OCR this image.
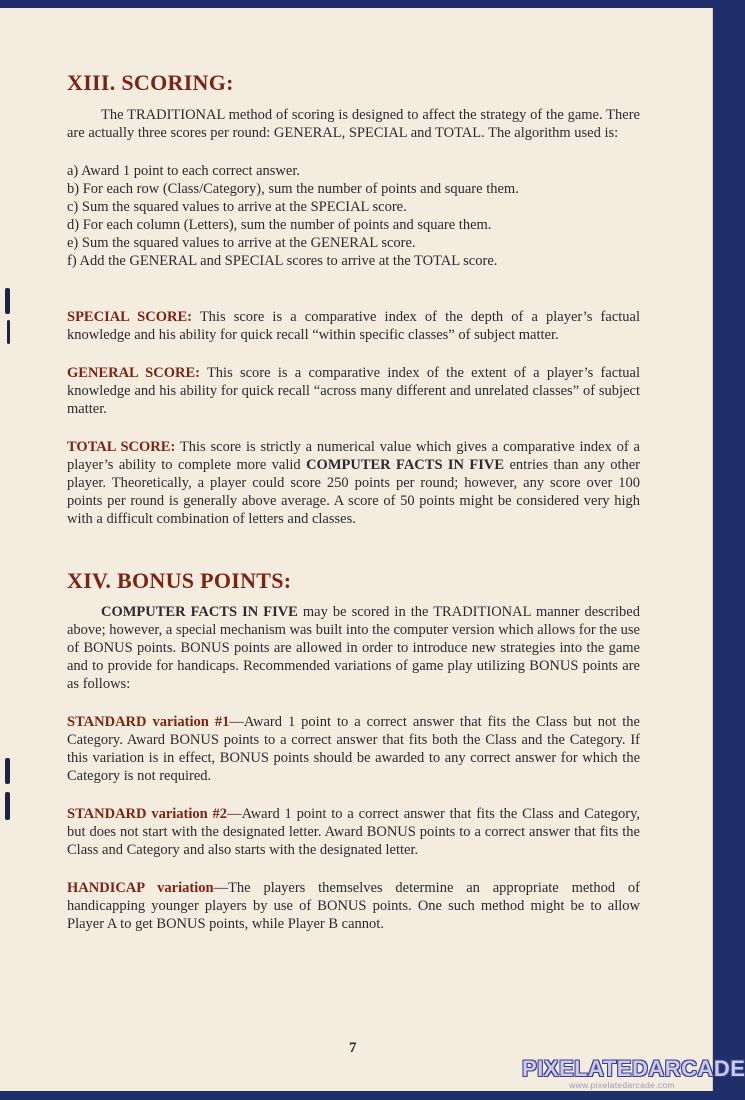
XIII. SCORING:

The TRADITIONAL method of scoring is designed to affect the strategy of the game. There are actually three scores per round: GENERAL, SPECIAL and TOTAL. The algorithm used is:

a) Award 1 point to each correct answer.
b) For each row (Class/Category), sum the number of points and square them.
c) Sum the squared values to arrive at the SPECIAL score.
d) For each column (Letters), sum the number of points and square them.
e) Sum the squared values to arrive at the GENERAL score.
f) Add the GENERAL and SPECIAL scores to arrive at the TOTAL score.

SPECIAL SCORE: This score is a comparative index of the depth of a player’s factual knowledge and his ability for quick recall “within specific classes” of subject matter.

GENERAL SCORE: This score is a comparative index of the extent of a player’s factual knowledge and his ability for quick recall “across many different and unrelated classes” of subject matter.

TOTAL SCORE: This score is strictly a numerical value which gives a comparative index of a player’s ability to complete more valid COMPUTER FACTS IN FIVE entries than any other player. Theoretically, a player could score 250 points per round; however, any score over 100 points per round is generally above average. A score of 50 points might be considered very high with a difficult combination of letters and classes.

XIV. BONUS POINTS:

COMPUTER FACTS IN FIVE may be scored in the TRADITIONAL manner described above; however, a special mechanism was built into the computer version which allows for the use of BONUS points. BONUS points are allowed in order to introduce new strategies into the game and to provide for handicaps. Recommended variations of game play utilizing BONUS points are as follows:

STANDARD variation #1—Award 1 point to a correct answer that fits the Class but not the Category. Award BONUS points to a correct answer that fits both the Class and the Category. If this variation is in effect, BONUS points should be awarded to any correct answer for which the Category is not required.

STANDARD variation #2—Award 1 point to a correct answer that fits the Class and Category, but does not start with the designated letter. Award BONUS points to a correct answer that fits the Class and Category and also starts with the designated letter.

HANDICAP variation—The players themselves determine an appropriate method of handicapping younger players by use of BONUS points. One such method might be to allow Player A to get BONUS points, while Player B cannot.

7
PIXELATEDARCADE
www.pixelatedarcade.com
